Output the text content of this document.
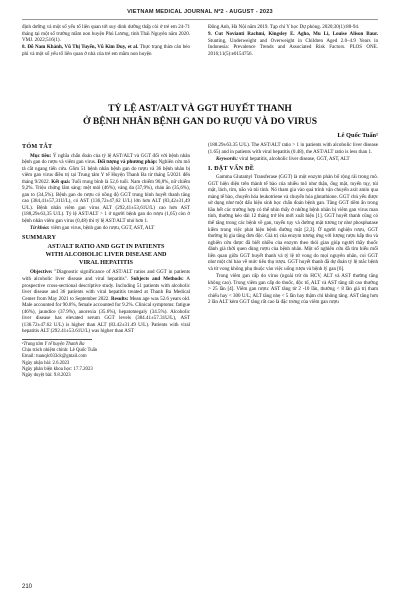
VIETNAM MEDICAL JOURNAL Nº2 - AUGUST - 2023
định dưỡng và một số yếu tố liên quan tới suy dinh dưỡng thấp còi ở trẻ em 24-71 tháng tại một số trường mầm non huyện Phú Lương, tỉnh Thái Nguyên năm 2020. VMJ. 2022;516(1).
8. Đỗ Nam Khánh, Vũ Thị Tuyến, Vũ Kim Duy, et al. Thực trạng thừa cân béo phì và một số yếu tố liên quan ở nhà của trẻ em mầm non huyện
Đông Anh, Hà Nội năm 2019. Tạp chí Y học Dự phòng. 2020;30(1):88-94.
9. Cut Novianti Rachmi, Kingsley E. Agho, Mu Li, Louise Alison Baur. Stunting, Underweight and Overweight in Children Aged 2.0–4.9 Years in Indonesia: Prevalence Trends and Associated Risk Factors. PLOS ONE. 2016;11(5):e0154756.
TỶ LỆ AST/ALT VÀ GGT HUYẾT THANH
Ở BỆNH NHÂN BỆNH GAN DO RƯỢU VÀ DO VIRUS
Lê Quốc Tuấn¹
TÓM TẮT
Mục tiêu: Ý nghĩa chẩn đoán của tỷ lệ AST/ALT và GGT đối với bệnh nhân bệnh gan do rượu và viêm gan virus. Đối tượng và phương pháp: Nghiên cứu mô tả cắt ngang tiến cứu. Gồm 51 bệnh nhân bệnh gan do rượu và 36 bệnh nhân bị viêm gan virus điều trị tại Trung tâm Y tế Huyện Thanh Ba từ tháng 5/2021 đến tháng 9/2022. Kết quả: Tuổi trung bình là 52,6 tuổi. Nam chiếm 90,8%, nữ chiếm 9,2%. Triệu chứng lâm sàng: mệt mỏi (46%), vàng da (37,9%), chán ăn (35,6%), gan to (34,5%). Bệnh gan do rượu có nồng độ GGT trung bình huyết thanh tăng cao (384,41±57,31U/L), có AST (136,72±47,62 U/L) lớn hơn ALT (83,42±31,49 U/L). Bệnh nhân viêm gan virus ALT (292,41±53,61U/L) cao hơn AST (188,29±63,35 U/L). Tỷ lệ AST/ALT > 1 ở người bệnh gan do rượu (1,65) còn ở bệnh nhân viêm gan virus (0,48) thì tỷ lệ AST/ALT nhỏ hơn 1.
Từ khóa: viêm gan virus, bệnh gan do rượu, GGT, AST, ALT
SUMMARY
AST/ALT RATIO AND GGT IN PATIENTS
WITH ALCOHOLIC LIVER DISEASE AND
VIRAL HEPATITIS
Objective: "Diagnostic significance of AST/ALT ratios and GGT in patients with alcoholic liver disease and viral hepatitis". Subjects and Methods: A prospective cross-sectional descriptive study. Including 51 patients with alcoholic liver disease and 36 patients with viral hepatitis treated at Thanh Ba Medical Center from May 2021 to September 2022. Results: Mean age was 52.6 years old. Male accounted for 90.8%, female accounted for 9.2%. Clinical symptoms: fatigue (46%), jaundice (37.9%), anorexia (35.6%), hepatomegaly (34.5%). Alcoholic liver disease has elevated serum GGT levels (384.41±57.31U/L), AST (136.72±47.62 U/L) is higher than ALT (83.42±31.49 U/L). Patients with viral hepatitis ALT (292.41±53.61U/L) was higher than AST
¹Trung tâm Y tế huyện Thanh Ba
Chịu trách nhiệm chính: Lê Quốc Tuấn
Email: tuanqlc033ck@gmail.com
Ngày nhận bài: 2.6.2023
Ngày phản biện khoa học: 17.7.2023
Ngày duyệt bài: 9.8.2023
(188.29±63.35 U/L). The AST/ALT ratio > 1 in patients with alcoholic liver disease (1.65) and in patients with viral hepatitis (0.48), the AST/ALT ratio is less than 1.
Keywords: viral hepatitis, alcoholic liver disease, GGT, AST, ALT
I. ĐẶT VẤN ĐỀ
Gamma Glutamyl Transferase (GGT) là một enzym phân bố rộng rãi trong mô. GGT hiện diện trên thành tế bào của nhiều mô như thận, ống mật, tuyến tụy, túi mật, lách, tim, não và túi tinh. Nó tham gia vào quá trình vận chuyển axit amin qua màng tế bào, chuyển hóa leukotriene và chuyển hóa glutathione. GGT chủ yếu được sử dụng như một dấu hiệu sinh học chẩn đoán bệnh gan. Tăng GGT tiềm ẩn trong hầu hết các trường hợp có thể nhìn thấy ở những bệnh nhân bị viêm gan virus man tính, thường kéo dài 12 tháng trở lên mới xuất hiện [1]. GGT huyết thanh cũng có thể tăng trong các bệnh về gan, tuyến tụy và đường mật tương tự như phosphatase kiềm trong việc phát hiện bệnh đường mật [2,3]. Ở người nghiện rượu, GGT thường bị gia tăng đơn độc. Giá trị của enzym tương ứng với lượng rượu hấp thu và nghiên cứu được đã biết nhiều của enzym theo thói gian giúp người thầy thuốc đánh giá thời quen dùng rượu của bệnh nhân. Một số nghiên cứu đã tìm hiểu mối liên quan giữa GGT huyết thanh và tỷ lệ tử vong do mọi nguyên nhân, coi GGT như một chỉ báo về mức tiêu thụ rượu. GGT huyết thanh đã dự đoán tỷ lệ mắc bệnh và tử vong không phụ thuộc vào việc uống rượu và bệnh lý gan [6].
Trong viêm gan cấp do virus (ngoài trừ do HCV, ALT và AST thường tăng không cao). Trong viêm gan cấp do thuốc, độc tố, ALT và AST tăng rất cao thường > 25 lần [4]. Viêm gan rượu: AST tăng từ 2 -10 lần, thường < 8 lần giá trị tham chiếu hay < 300 U/L; ALT tăng nhẹ < 5 lần hay thậm chí không tăng. AST tăng hơn 2 lần ALT kèm GGT tăng rất cao là đặc trưng của viêm gan rượu
210
